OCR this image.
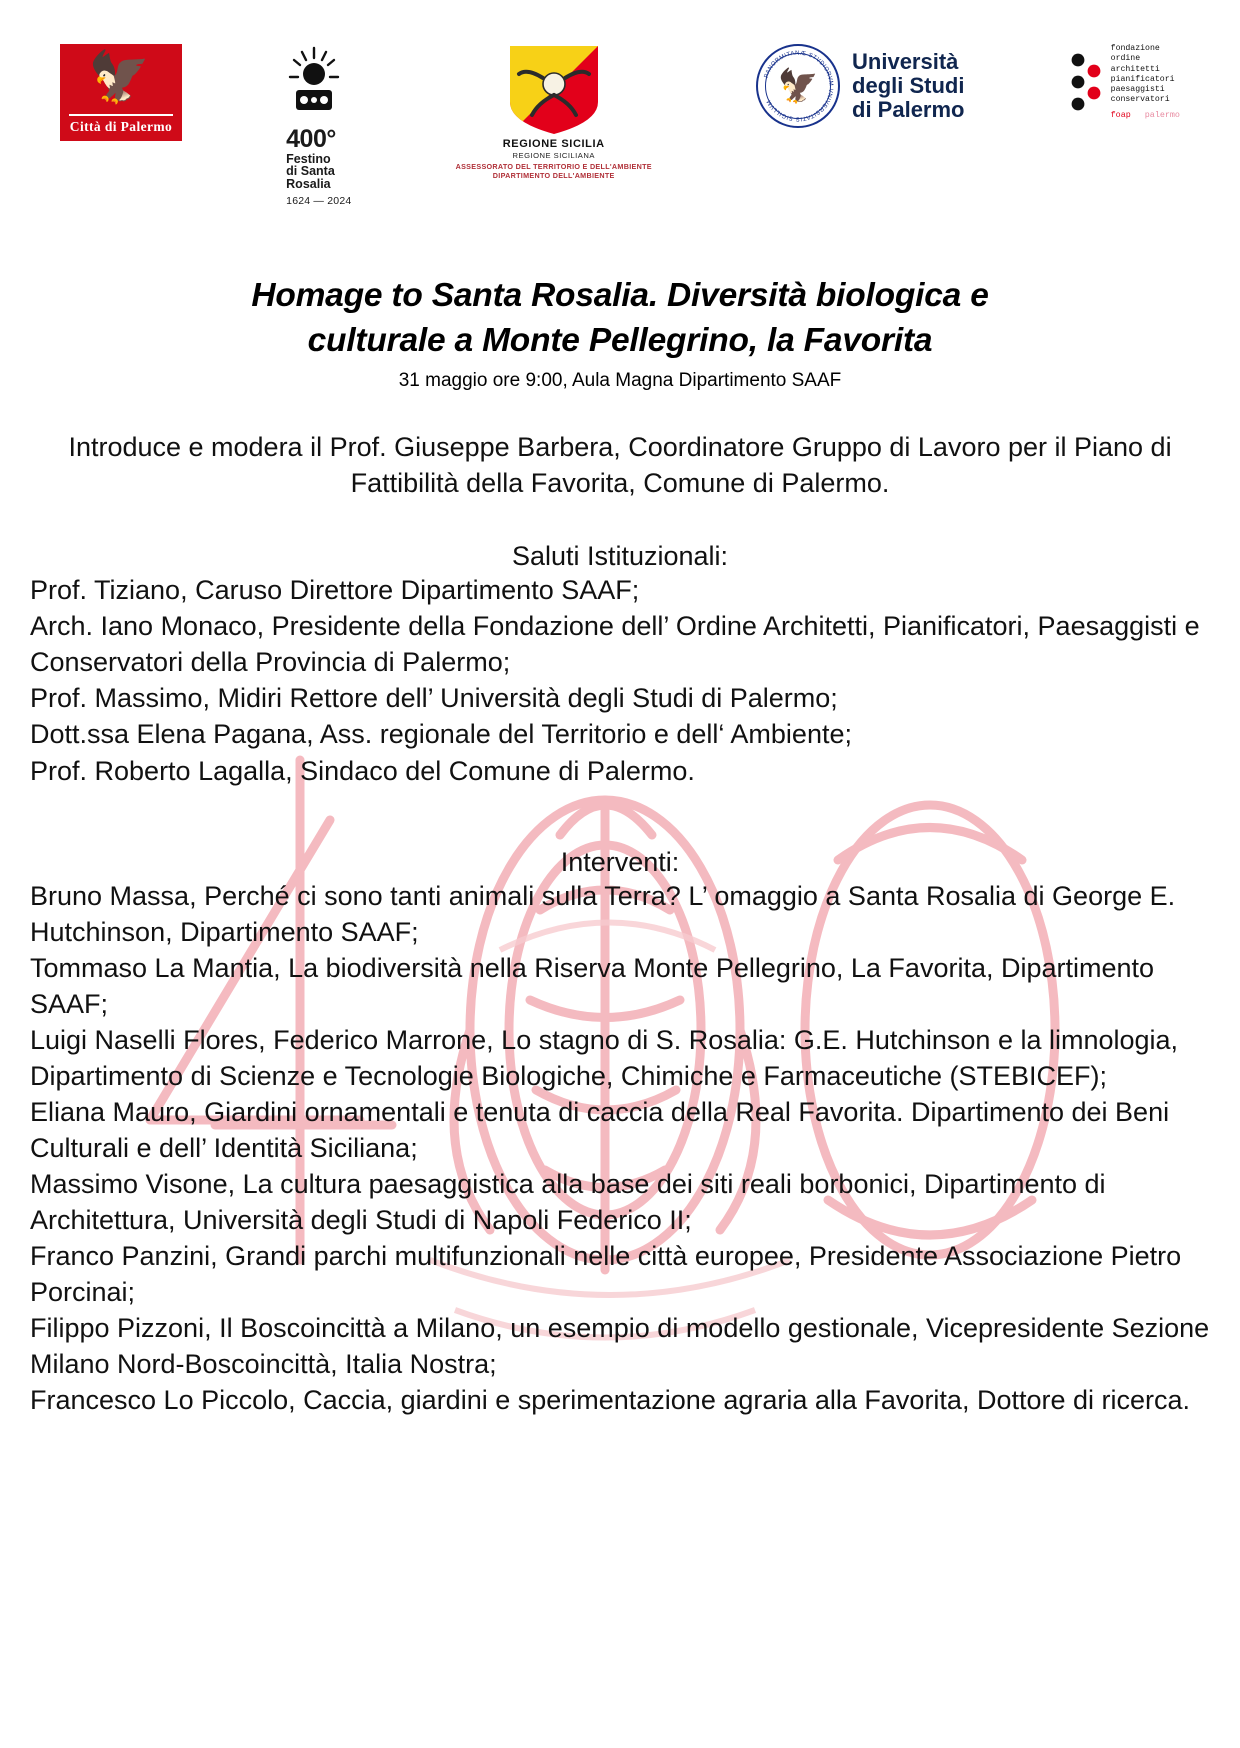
🦅
Città di Palermo	400°
Festino
di Santa
Rosalia
1624 — 2024
REGIONE SICILIA
REGIONE SICILIANA
ASSESSORATO DEL TERRITORIO E DELL'AMBIENTE
DIPARTIMENTO DELL'AMBIENTE
🦅
PANORMITANÆ STVDIORVM VNIVERSITATIS SIGILLVM
Università
degli Studi
di Palermo
fondazione
ordine
architetti
pianificatori
paesaggisti
conservatori
foap palermo
Homage to Santa Rosalia. Diversità biologica e
culturale a Monte Pellegrino, la Favorita
31 maggio ore 9:00, Aula Magna Dipartimento SAAF
Introduce e modera il Prof. Giuseppe Barbera, Coordinatore Gruppo di Lavoro per il Piano di Fattibilità della Favorita, Comune di Palermo.
Saluti Istituzionali:

Prof. Tiziano, Caruso Direttore Dipartimento SAAF;

Arch. Iano Monaco, Presidente della Fondazione dell’ Ordine Architetti, Pianificatori, Paesaggisti e Conservatori della Provincia di Palermo;

Prof. Massimo, Midiri Rettore dell’ Università degli Studi di Palermo;

Dott.ssa Elena Pagana, Ass. regionale del Territorio e dell‘ Ambiente;

Prof. Roberto Lagalla, Sindaco del Comune di Palermo.

Interventi:

Bruno Massa, Perché ci sono tanti animali sulla Terra? L’ omaggio a Santa Rosalia di George E. Hutchinson, Dipartimento SAAF;

Tommaso La Mantia, La biodiversità nella Riserva Monte Pellegrino, La Favorita, Dipartimento SAAF;

Luigi Naselli Flores, Federico Marrone, Lo stagno di S. Rosalia: G.E. Hutchinson e la limnologia, Dipartimento di Scienze e Tecnologie Biologiche, Chimiche e Farmaceutiche (STEBICEF);

Eliana Mauro, Giardini ornamentali e tenuta di caccia della Real Favorita. Dipartimento dei Beni Culturali e dell’ Identità Siciliana;

Massimo Visone, La cultura paesaggistica alla base dei siti reali borbonici, Dipartimento di Architettura, Università degli Studi di Napoli Federico II;

Franco Panzini, Grandi parchi multifunzionali nelle città europee, Presidente Associazione Pietro Porcinai;

Filippo Pizzoni, Il Boscoincittà a Milano, un esempio di modello gestionale, Vicepresidente Sezione Milano Nord-Boscoincittà, Italia Nostra;

Francesco Lo Piccolo, Caccia, giardini e sperimentazione agraria alla Favorita, Dottore di ricerca.
